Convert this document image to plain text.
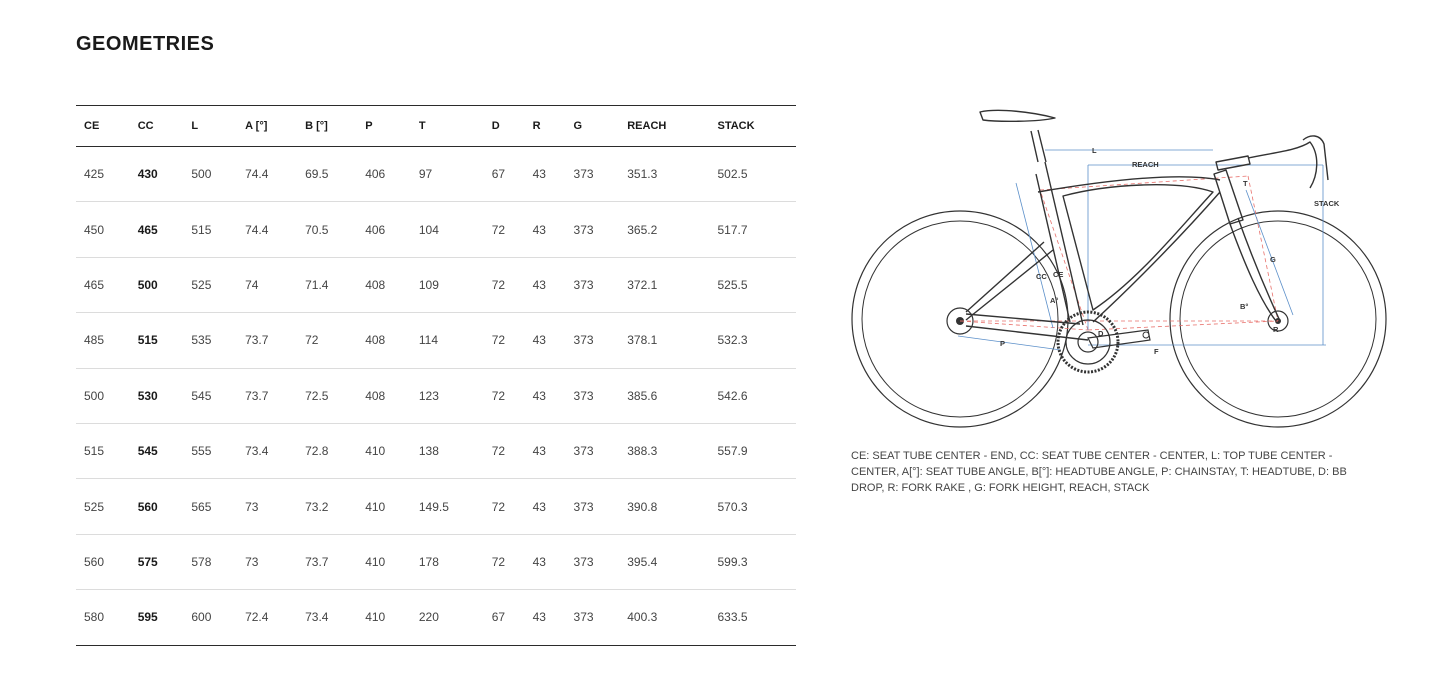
GEOMETRIES
CE	CC	L	A [°]	B [°]	P	T	D	R	G	REACH	STACK
425	430	500	74.4	69.5	406	97	67	43	373	351.3	502.5
450	465	515	74.4	70.5	406	104	72	43	373	365.2	517.7
465	500	525	74	71.4	408	109	72	43	373	372.1	525.5
485	515	535	73.7	72	408	114	72	43	373	378.1	532.3
500	530	545	73.7	72.5	408	123	72	43	373	385.6	542.6
515	545	555	73.4	72.8	410	138	72	43	373	388.3	557.9
525	560	565	73	73.2	410	149.5	72	43	373	390.8	570.3
560	575	578	73	73.7	410	178	72	43	373	395.4	599.3
580	595	600	72.4	73.4	410	220	67	43	373	400.3	633.5
L
REACH
STACK
T
G
CC CE
A°
B°
D	R
P
F

CE: SEAT TUBE CENTER - END, CC: SEAT TUBE CENTER - CENTER, L: TOP TUBE CENTER - CENTER, A[°]: SEAT TUBE ANGLE, B[°]: HEADTUBE ANGLE, P: CHAINSTAY, T: HEADTUBE, D: BB DROP, R: FORK RAKE , G: FORK HEIGHT, REACH, STACK
